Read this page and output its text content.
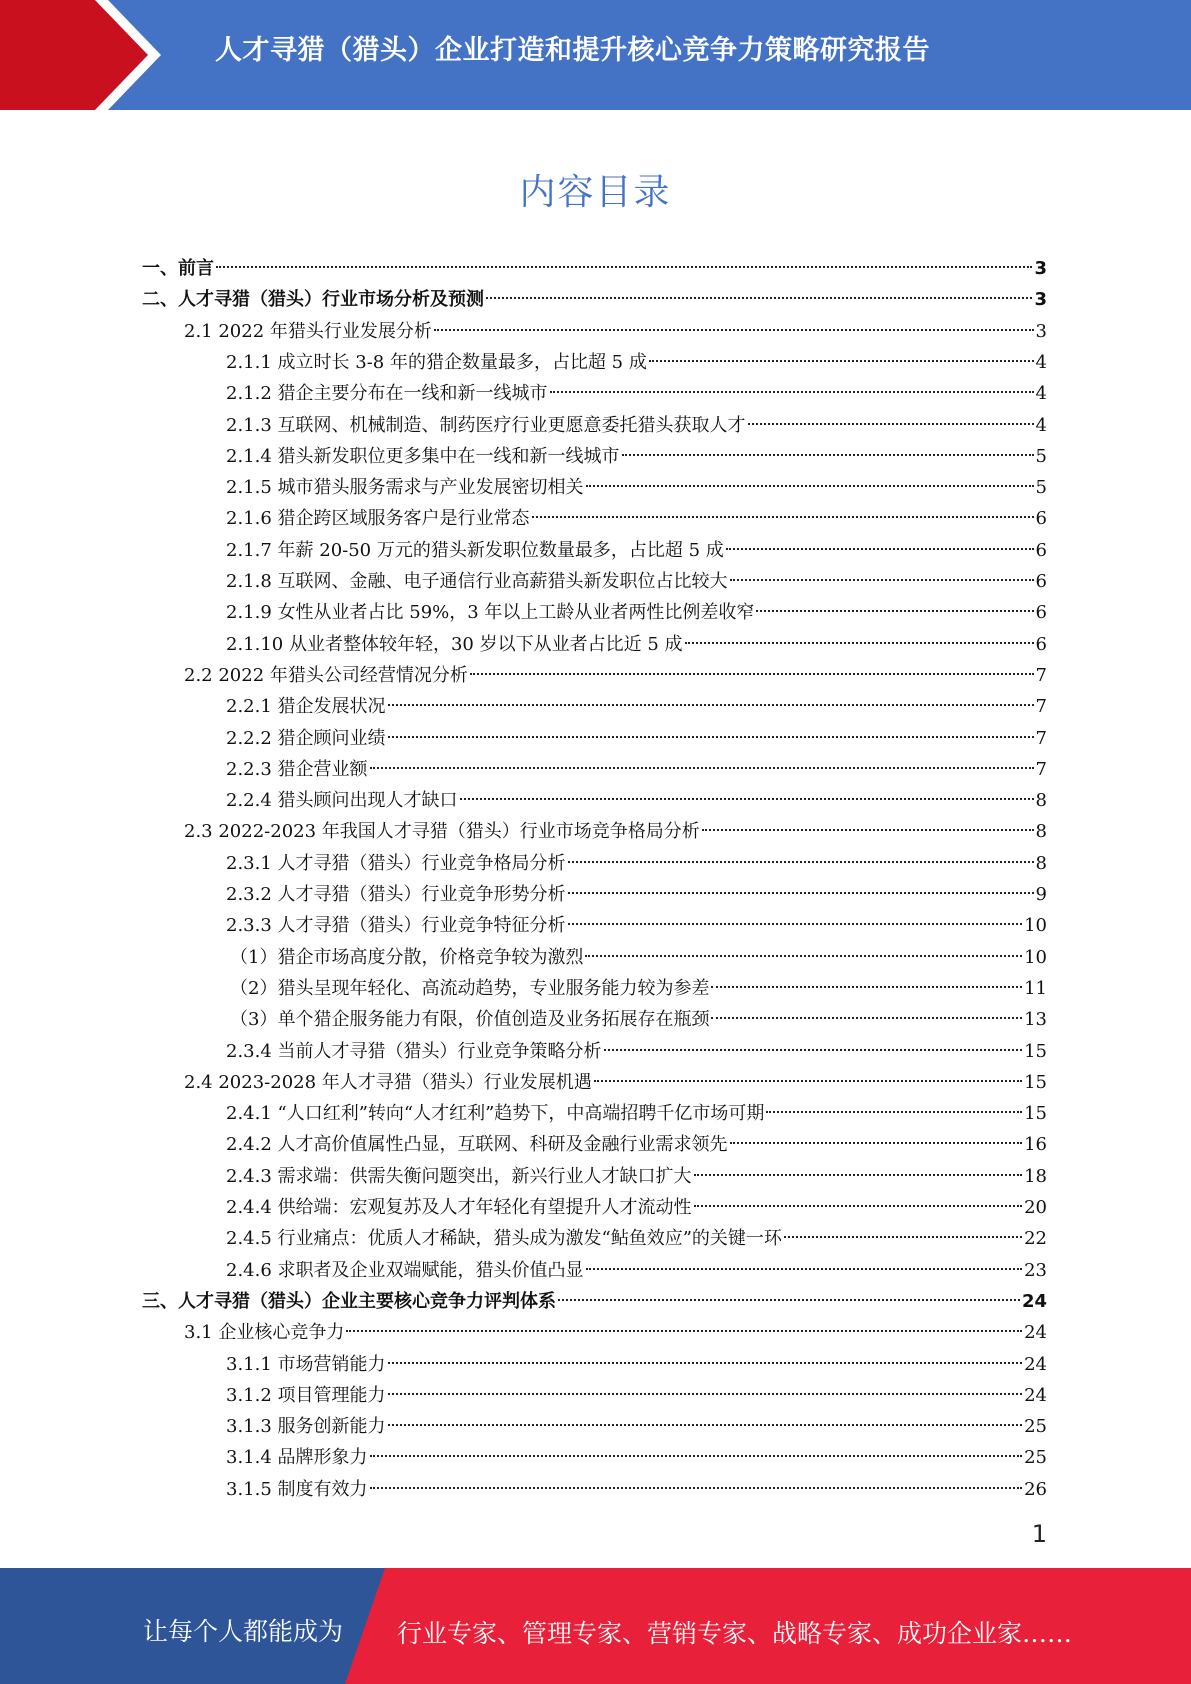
人才寻猎（猎头）企业打造和提升核心竞争力策略研究报告
内容目录
一、前言	3
二、人才寻猎（猎头）行业市场分析及预测	3
2.1 2022 年猎头行业发展分析	3
2.1.1 成立时长 3-8 年的猎企数量最多，占比超 5 成	4
2.1.2 猎企主要分布在一线和新一线城市	4
2.1.3 互联网、机械制造、制药医疗行业更愿意委托猎头获取人才	4
2.1.4 猎头新发职位更多集中在一线和新一线城市	5
2.1.5 城市猎头服务需求与产业发展密切相关	5
2.1.6 猎企跨区域服务客户是行业常态	6
2.1.7 年薪 20-50 万元的猎头新发职位数量最多，占比超 5 成	6
2.1.8 互联网、金融、电子通信行业高薪猎头新发职位占比较大	6
2.1.9 女性从业者占比 59%，3 年以上工龄从业者两性比例差收窄	6
2.1.10 从业者整体较年轻，30 岁以下从业者占比近 5 成	6
2.2 2022 年猎头公司经营情况分析	7
2.2.1 猎企发展状况	7
2.2.2 猎企顾问业绩	7
2.2.3 猎企营业额	7
2.2.4 猎头顾问出现人才缺口	8
2.3 2022-2023 年我国人才寻猎（猎头）行业市场竞争格局分析	8
2.3.1 人才寻猎（猎头）行业竞争格局分析	8
2.3.2 人才寻猎（猎头）行业竞争形势分析	9
2.3.3 人才寻猎（猎头）行业竞争特征分析	10
（1）猎企市场高度分散，价格竞争较为激烈	10
（2）猎头呈现年轻化、高流动趋势，专业服务能力较为参差	11
（3）单个猎企服务能力有限，价值创造及业务拓展存在瓶颈	13
2.3.4 当前人才寻猎（猎头）行业竞争策略分析	15
2.4 2023-2028 年人才寻猎（猎头）行业发展机遇	15
2.4.1 “人口红利”转向“人才红利”趋势下，中高端招聘千亿市场可期	15
2.4.2 人才高价值属性凸显，互联网、科研及金融行业需求领先	16
2.4.3 需求端：供需失衡问题突出，新兴行业人才缺口扩大	18
2.4.4 供给端：宏观复苏及人才年轻化有望提升人才流动性	20
2.4.5 行业痛点：优质人才稀缺，猎头成为激发“鲇鱼效应”的关键一环	22
2.4.6 求职者及企业双端赋能，猎头价值凸显	23
三、人才寻猎（猎头）企业主要核心竞争力评判体系	24
3.1 企业核心竞争力	24
3.1.1 市场营销能力	24
3.1.2 项目管理能力	24
3.1.3 服务创新能力	25
3.1.4 品牌形象力	25
3.1.5 制度有效力	26
1
让每个人都能成为 行业专家、管理专家、营销专家、战略专家、成功企业家……
